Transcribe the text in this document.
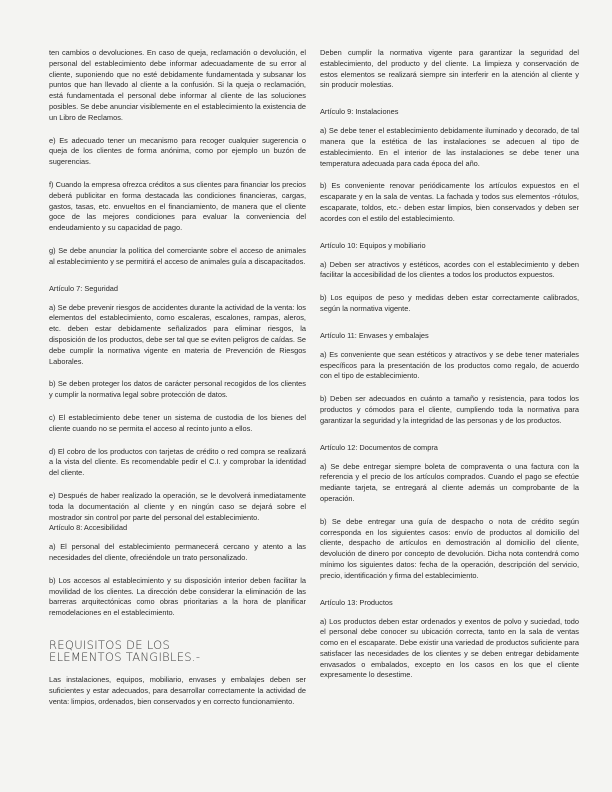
ten cambios o devoluciones. En caso de queja, reclamación o devolución, el personal del establecimiento debe informar adecuadamente de su error al cliente, suponiendo que no esté debidamente fundamentada y subsanar los puntos que han llevado al cliente a la confusión. Si la queja o reclamación, está fundamentada el personal debe informar al cliente de las soluciones posibles. Se debe anunciar visiblemente en el establecimiento la existencia de un Libro de Reclamos.

e) Es adecuado tener un mecanismo para recoger cualquier sugerencia o queja de los clientes de forma anónima, como por ejemplo un buzón de sugerencias.

f) Cuando la empresa ofrezca créditos a sus clientes para financiar los precios deberá publicitar en forma destacada las condiciones financieras, cargas, gastos, tasas, etc. envueltos en el financiamiento, de manera que el cliente goce de las mejores condiciones para evaluar la conveniencia del endeudamiento y su capacidad de pago.

g) Se debe anunciar la política del comerciante sobre el acceso de animales al establecimiento y se permitirá el acceso de animales guía a discapacitados.

Artículo 7: Seguridad

a) Se debe prevenir riesgos de accidentes durante la actividad de la venta: los elementos del establecimiento, como escaleras, escalones, rampas, aleros, etc. deben estar debidamente señalizados para eliminar riesgos, la disposición de los productos, debe ser tal que se eviten peligros de caídas. Se debe cumplir la normativa vigente en materia de Prevención de Riesgos Laborales.

b) Se deben proteger los datos de carácter personal recogidos de los clientes y cumplir la normativa legal sobre protección de datos.

c) El establecimiento debe tener un sistema de custodia de los bienes del cliente cuando no se permita el acceso al recinto junto a ellos.

d) El cobro de los productos con tarjetas de crédito o red compra se realizará a la vista del cliente. Es recomendable pedir el C.I. y comprobar la identidad del cliente.

e) Después de haber realizado la operación, se le devolverá inmediatamente toda la documentación al cliente y en ningún caso se dejará sobre el mostrador sin control por parte del personal del establecimiento.

Artículo 8: Accesibilidad

a) El personal del establecimiento permanecerá cercano y atento a las necesidades del cliente, ofreciéndole un trato personalizado.

b) Los accesos al establecimiento y su disposición interior deben facilitar la movilidad de los clientes. La dirección debe considerar la eliminación de las barreras arquitectónicas como obras prioritarias a la hora de planificar remodelaciones en el establecimiento.

REQUISITOS DE LOS
ELEMENTOS TANGIBLES.-

Las instalaciones, equipos, mobiliario, envases y embalajes deben ser suficientes y estar adecuados, para desarrollar correctamente la actividad de venta: limpios, ordenados, bien conservados y en correcto funcionamiento.

Deben cumplir la normativa vigente para garantizar la seguridad del establecimiento, del producto y del cliente. La limpieza y conservación de estos elementos se realizará siempre sin interferir en la atención al cliente y sin producir molestias.

Artículo 9: Instalaciones

a) Se debe tener el establecimiento debidamente iluminado y decorado, de tal manera que la estética de las instalaciones se adecuen al tipo de establecimiento. En el interior de las instalaciones se debe tener una temperatura adecuada para cada época del año.

b) Es conveniente renovar periódicamente los artículos expuestos en el escaparate y en la sala de ventas. La fachada y todos sus elementos -rótulos, escaparate, toldos, etc.- deben estar limpios, bien conservados y deben ser acordes con el estilo del establecimiento.

Artículo 10: Equipos y mobiliario

a) Deben ser atractivos y estéticos, acordes con el establecimiento y deben facilitar la accesibilidad de los clientes a todos los productos expuestos.

b) Los equipos de peso y medidas deben estar correctamente calibrados, según la normativa vigente.

Artículo 11: Envases y embalajes

a) Es conveniente que sean estéticos y atractivos y se debe tener materiales específicos para la presentación de los productos como regalo, de acuerdo con el tipo de establecimiento.

b) Deben ser adecuados en cuánto a tamaño y resistencia, para todos los productos y cómodos para el cliente, cumpliendo toda la normativa para garantizar la seguridad y la integridad de las personas y de los productos.

Artículo 12: Documentos de compra

a) Se debe entregar siempre boleta de compraventa o una factura con la referencia y el precio de los artículos comprados. Cuando el pago se efectúe mediante tarjeta, se entregará al cliente además un comprobante de la operación.

b) Se debe entregar una guía de despacho o nota de crédito según corresponda en los siguientes casos: envío de productos al domicilio del cliente, despacho de artículos en demostración al domicilio del cliente, devolución de dinero por concepto de devolución. Dicha nota contendrá como mínimo los siguientes datos: fecha de la operación, descripción del servicio, precio, identificación y firma del establecimiento.

Artículo 13: Productos

a) Los productos deben estar ordenados y exentos de polvo y suciedad, todo el personal debe conocer su ubicación correcta, tanto en la sala de ventas como en el escaparate. Debe existir una variedad de productos suficiente para satisfacer las necesidades de los clientes y se deben entregar debidamente envasados o embalados, excepto en los casos en los que el cliente expresamente lo desestime.
